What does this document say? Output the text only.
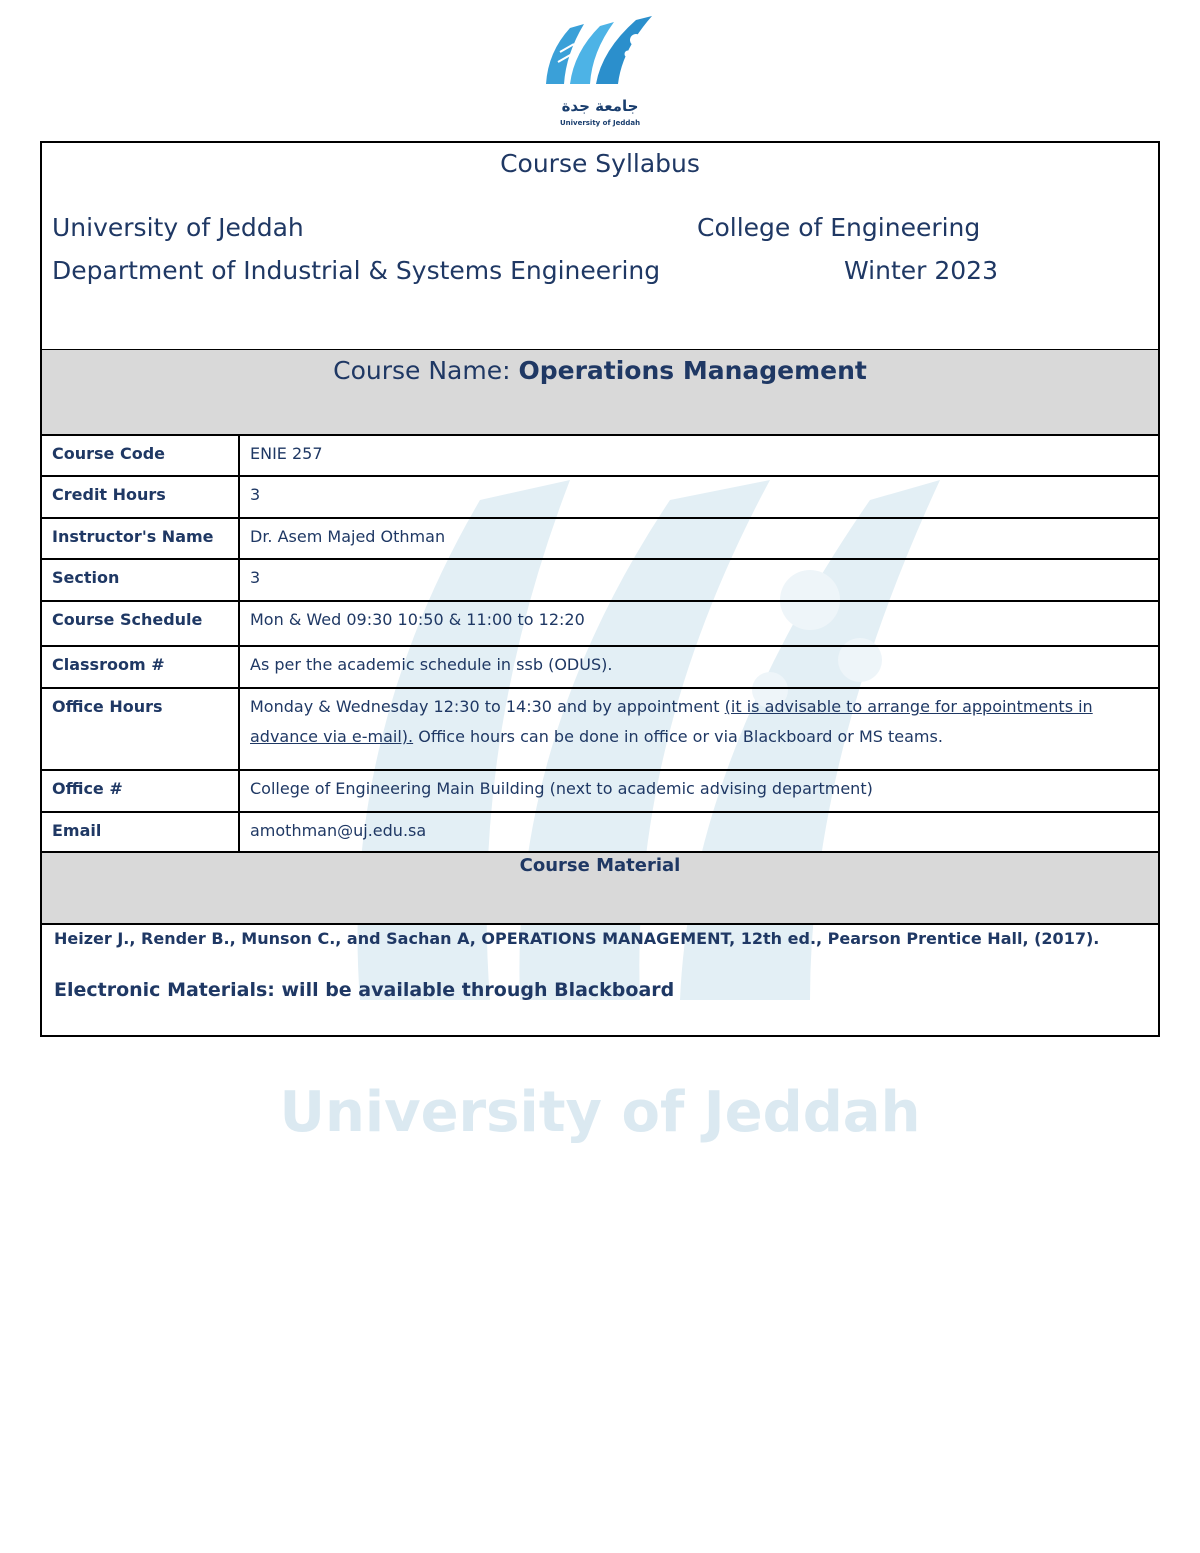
University of Jeddah
جامعة جدة
University of Jeddah
Course Syllabus
University of Jeddah	College of Engineering
Department of Industrial & Systems Engineering	Winter 2023
Course Name: Operations Management
Course Code	ENIE 257
Credit Hours	3
Instructor's Name	Dr. Asem Majed Othman
Section	3
Course Schedule	Mon & Wed 09:30 10:50 & 11:00 to 12:20
Classroom #	As per the academic schedule in ssb (ODUS).
Office Hours	Monday & Wednesday 12:30 to 14:30 and by appointment (it is advisable to arrange for appointments in advance via e-mail). Office hours can be done in office or via Blackboard or MS teams.
Office #	College of Engineering Main Building (next to academic advising department)
Email	amothman@uj.edu.sa
Course Material
Heizer J., Render B., Munson C., and Sachan A, OPERATIONS MANAGEMENT, 12th ed., Pearson Prentice Hall, (2017).
Electronic Materials: will be available through Blackboard
